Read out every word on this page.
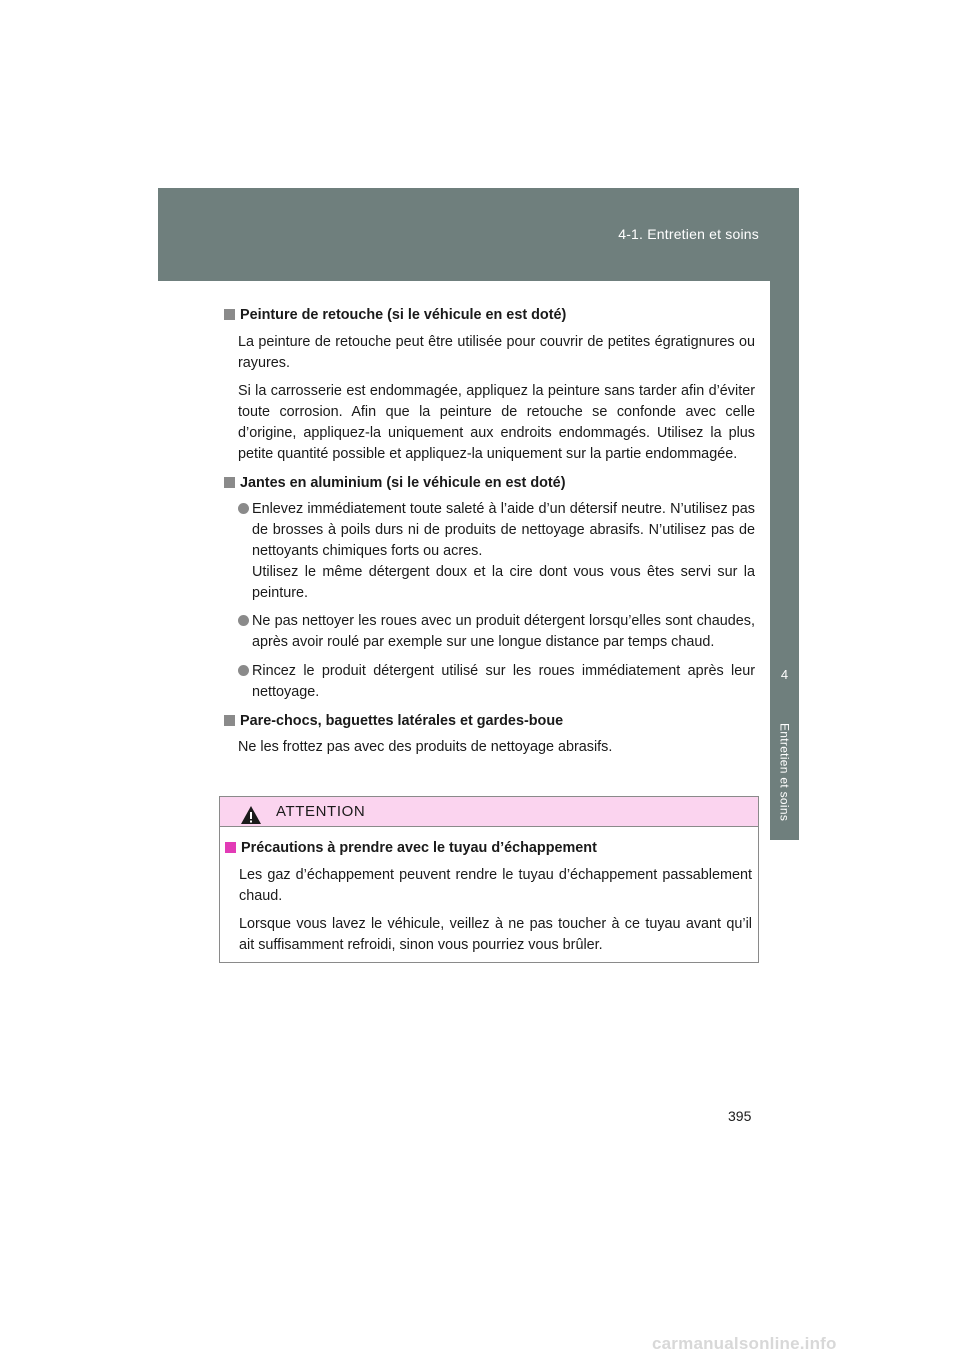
4-1. Entretien et soins
4
Entretien et soins
Peinture de retouche (si le véhicule en est doté)

La peinture de retouche peut être utilisée pour couvrir de petites égratignures ou rayures.

Si la carrosserie est endommagée, appliquez la peinture sans tarder afin d’éviter toute corrosion. Afin que la peinture de retouche se confonde avec celle d’origine, appliquez-la uniquement aux endroits endommagés. Utilisez la plus petite quantité possible et appliquez-la uniquement sur la partie endommagée.

Jantes en aluminium (si le véhicule en est doté)

Enlevez immédiatement toute saleté à l’aide d’un détersif neutre. N’utilisez pas de brosses à poils durs ni de produits de nettoyage abrasifs. N’utilisez pas de nettoyants chimiques forts ou acres.

Utilisez le même détergent doux et la cire dont vous vous êtes servi sur la peinture.

Ne pas nettoyer les roues avec un produit détergent lorsqu’elles sont chaudes, après avoir roulé par exemple sur une longue distance par temps chaud.

Rincez le produit détergent utilisé sur les roues immédiatement après leur nettoyage.

Pare-chocs, baguettes latérales et gardes-boue

Ne les frottez pas avec des produits de nettoyage abrasifs.

ATTENTION
Précautions à prendre avec le tuyau d’échappement

Les gaz d’échappement peuvent rendre le tuyau d’échappement passablement chaud.

Lorsque vous lavez le véhicule, veillez à ne pas toucher à ce tuyau avant qu’il ait suffisamment refroidi, sinon vous pourriez vous brûler.

395
carmanualsonline.info
